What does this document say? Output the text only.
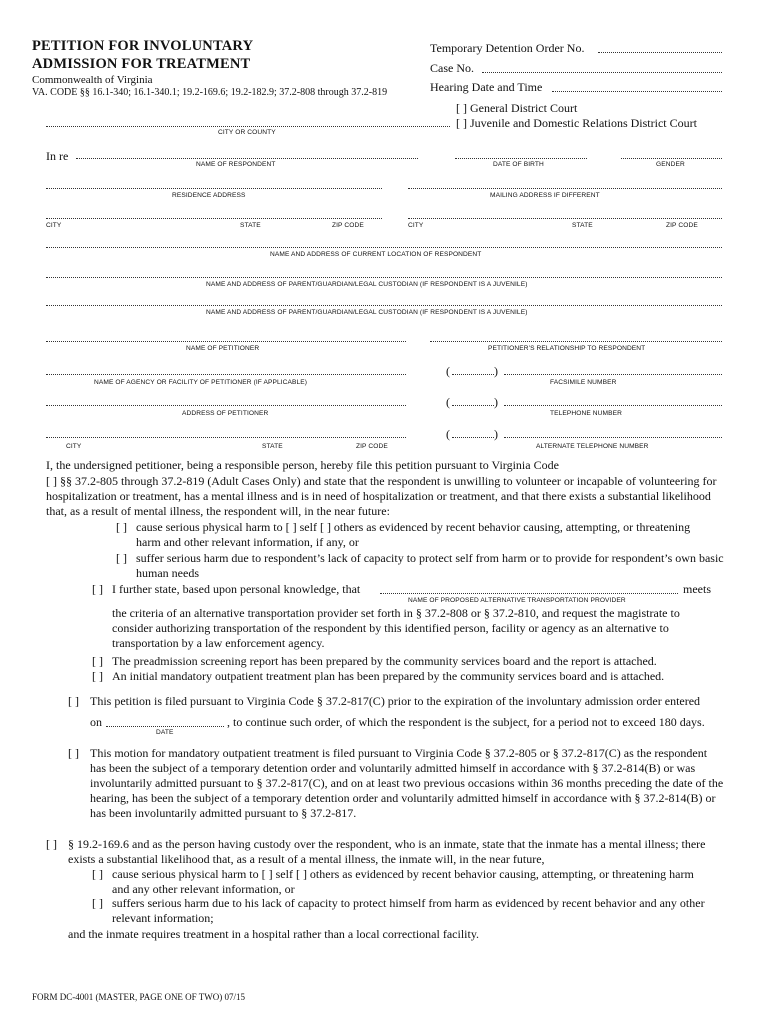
PETITION FOR INVOLUNTARY
ADMISSION FOR TREATMENT
Commonwealth of Virginia
VA. CODE §§ 16.1-340; 16.1-340.1; 19.2-169.6; 19.2-182.9; 37.2-808 through 37.2-819
Temporary Detention Order No.
Case No.
Hearing Date and Time
[ ] General District Court
[ ] Juvenile and Domestic Relations District Court
CITY OR COUNTY
In re
NAME OF RESPONDENT	DATE OF BIRTH	GENDER
RESIDENCE ADDRESS	MAILING ADDRESS IF DIFFERENT
CITY	STATE	ZIP CODE	CITY	STATE	ZIP CODE
NAME AND ADDRESS OF CURRENT LOCATION OF RESPONDENT
NAME AND ADDRESS OF PARENT/GUARDIAN/LEGAL CUSTODIAN (IF RESPONDENT IS A JUVENILE)
NAME AND ADDRESS OF PARENT/GUARDIAN/LEGAL CUSTODIAN (IF RESPONDENT IS A JUVENILE)
NAME OF PETITIONER	PETITIONER’S RELATIONSHIP TO RESPONDENT
(	)
NAME OF AGENCY OR FACILITY OF PETITIONER (IF APPLICABLE)	FACSIMILE NUMBER
(	)
ADDRESS OF PETITIONER	TELEPHONE NUMBER
(	)
CITY	STATE	ZIP CODE	ALTERNATE TELEPHONE NUMBER
I, the undersigned petitioner, being a responsible person, hereby file this petition pursuant to Virginia Code
[ ] §§ 37.2-805 through 37.2-819 (Adult Cases Only) and state that the respondent is unwilling to volunteer or incapable of volunteering for hospitalization or treatment, has a mental illness and is in need of hospitalization or treatment, and that there exists a substantial likelihood that, as a result of mental illness, the respondent will, in the near future:
[ ] cause serious physical harm to [ ] self [ ] others as evidenced by recent behavior causing, attempting, or threatening harm and other relevant information, if any, or
[ ] suffer serious harm due to respondent’s lack of capacity to protect self from harm or to provide for respondent’s own basic human needs
[ ] I further state, based upon personal knowledge, that	meets
NAME OF PROPOSED ALTERNATIVE TRANSPORTATION PROVIDER
the criteria of an alternative transportation provider set forth in § 37.2-808 or § 37.2-810, and request the magistrate to consider authorizing transportation of the respondent by this identified person, facility or agency as an alternative to transportation by a law enforcement agency.
[ ] The preadmission screening report has been prepared by the community services board and the report is attached.
[ ] An initial mandatory outpatient treatment plan has been prepared by the community services board and is attached.
[ ] This petition is filed pursuant to Virginia Code § 37.2-817(C) prior to the expiration of the involuntary admission order entered
on	, to continue such order, of which the respondent is the subject, for a period not to exceed 180 days.
DATE
[ ] This motion for mandatory outpatient treatment is filed pursuant to Virginia Code § 37.2-805 or § 37.2-817(C) as the respondent has been the subject of a temporary detention order and voluntarily admitted himself in accordance with § 37.2-814(B) or was involuntarily admitted pursuant to § 37.2-817(C), and on at least two previous occasions within 36 months preceding the date of the hearing, has been the subject of a temporary detention order and voluntarily admitted himself in accordance with § 37.2-814(B) or has been involuntarily admitted pursuant to § 37.2-817.
[ ] § 19.2-169.6 and as the person having custody over the respondent, who is an inmate, state that the inmate has a mental illness; there exists a substantial likelihood that, as a result of a mental illness, the inmate will, in the near future,
[ ] cause serious physical harm to [ ] self [ ] others as evidenced by recent behavior causing, attempting, or threatening harm and any other relevant information, or
[ ] suffers serious harm due to his lack of capacity to protect himself from harm as evidenced by recent behavior and any other relevant information;
and the inmate requires treatment in a hospital rather than a local correctional facility.
FORM DC-4001 (MASTER, PAGE ONE OF TWO) 07/15
